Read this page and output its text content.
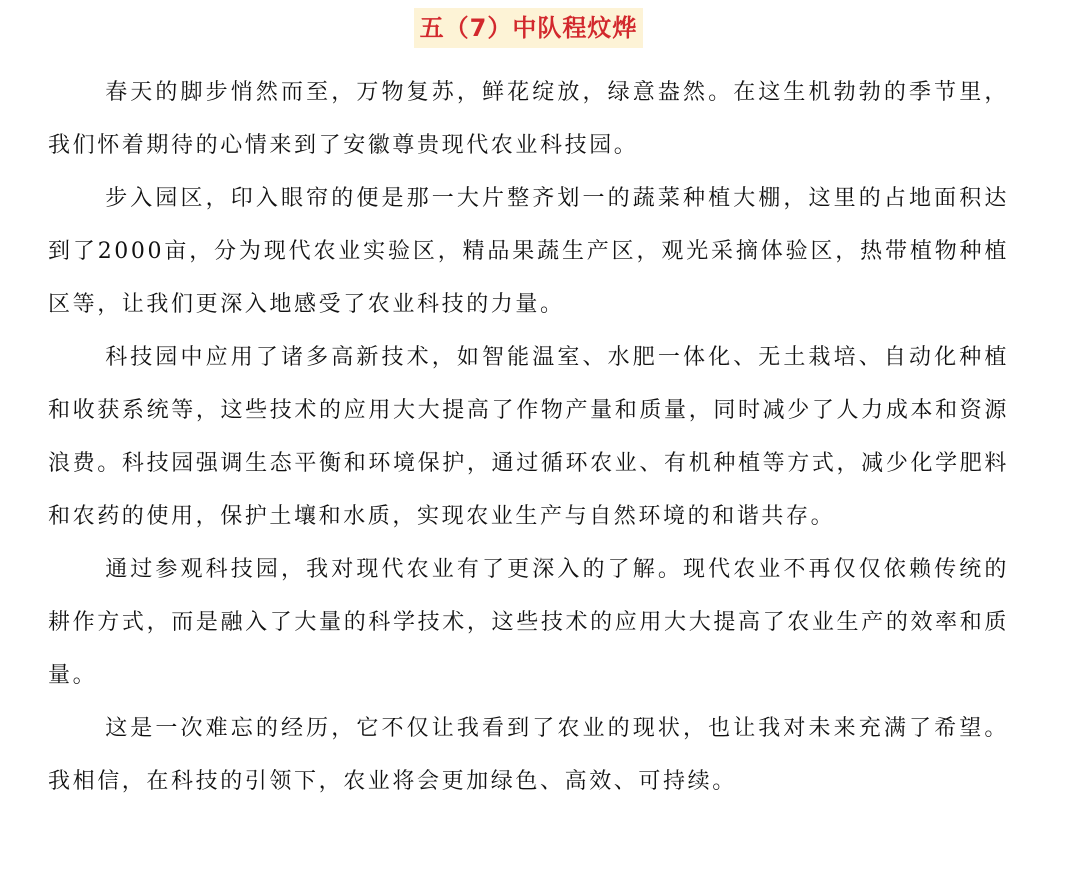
五（7）中队程炆烨

春天的脚步悄然而至，万物复苏，鲜花绽放，绿意盎然。在这生机勃勃的季节里，我们怀着期待的心情来到了安徽尊贵现代农业科技园。

步入园区，印入眼帘的便是那一大片整齐划一的蔬菜种植大棚，这里的占地面积达到了2000亩，分为现代农业实验区，精品果蔬生产区，观光采摘体验区，热带植物种植区等，让我们更深入地感受了农业科技的力量。

科技园中应用了诸多高新技术，如智能温室、水肥一体化、无土栽培、自动化种植和收获系统等，这些技术的应用大大提高了作物产量和质量，同时减少了人力成本和资源浪费。科技园强调生态平衡和环境保护，通过循环农业、有机种植等方式，减少化学肥料和农药的使用，保护土壤和水质，实现农业生产与自然环境的和谐共存。

通过参观科技园，我对现代农业有了更深入的了解。现代农业不再仅仅依赖传统的耕作方式，而是融入了大量的科学技术，这些技术的应用大大提高了农业生产的效率和质量。

这是一次难忘的经历，它不仅让我看到了农业的现状，也让我对未来充满了希望。我相信，在科技的引领下，农业将会更加绿色、高效、可持续。
